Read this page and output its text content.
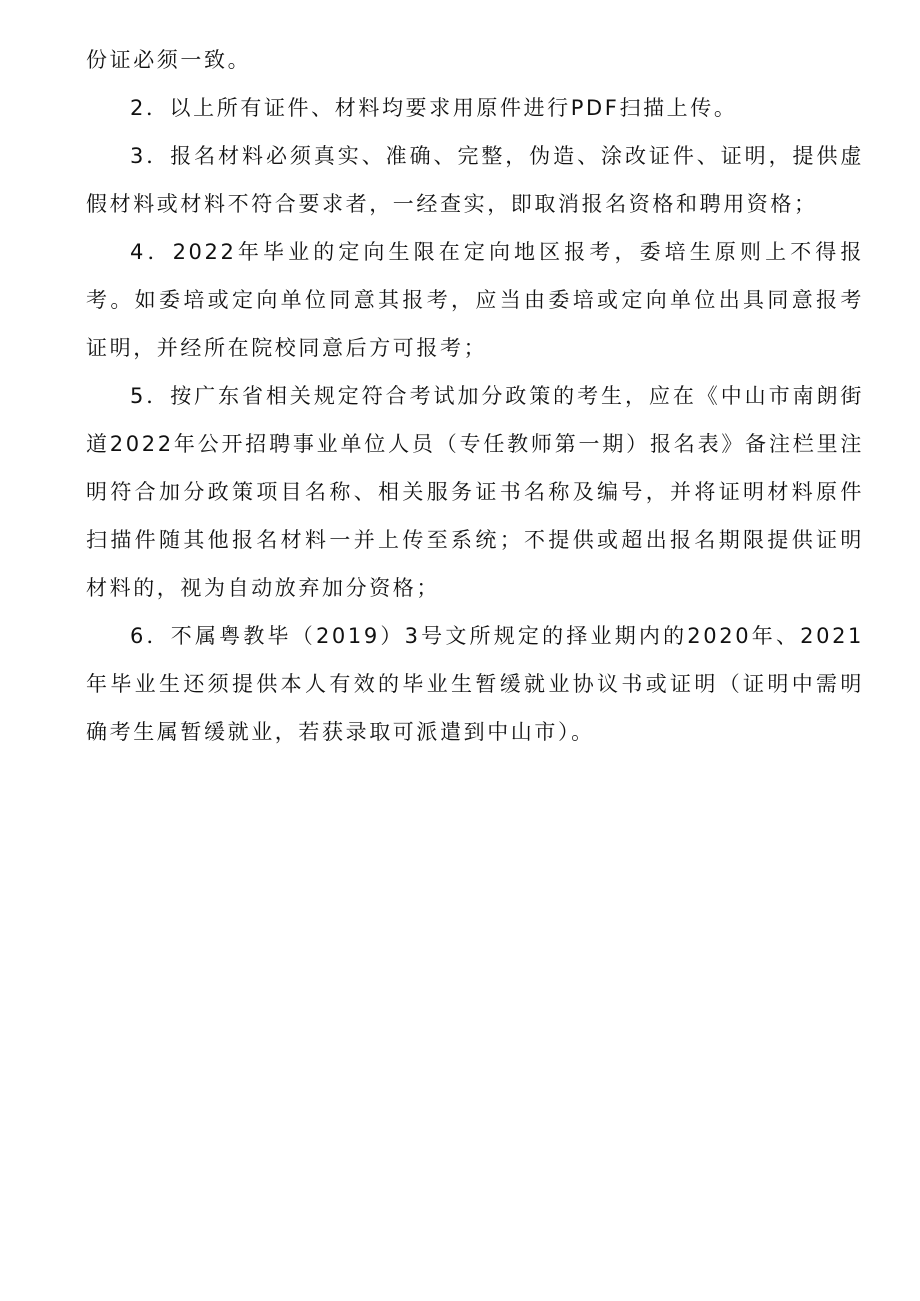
份证必须一致。

2．以上所有证件、材料均要求用原件进行PDF扫描上传。

3．报名材料必须真实、准确、完整，伪造、涂改证件、证明，提供虚假材料或材料不符合要求者，一经查实，即取消报名资格和聘用资格；

4．2022年毕业的定向生限在定向地区报考，委培生原则上不得报考。如委培或定向单位同意其报考，应当由委培或定向单位出具同意报考证明，并经所在院校同意后方可报考；

5．按广东省相关规定符合考试加分政策的考生，应在《中山市南朗街道2022年公开招聘事业单位人员（专任教师第一期）报名表》备注栏里注明符合加分政策项目名称、相关服务证书名称及编号，并将证明材料原件扫描件随其他报名材料一并上传至系统；不提供或超出报名期限提供证明材料的，视为自动放弃加分资格；

6．不属粤教毕（2019）3号文所规定的择业期内的2020年、2021年毕业生还须提供本人有效的毕业生暂缓就业协议书或证明（证明中需明确考生属暂缓就业，若获录取可派遣到中山市）。
